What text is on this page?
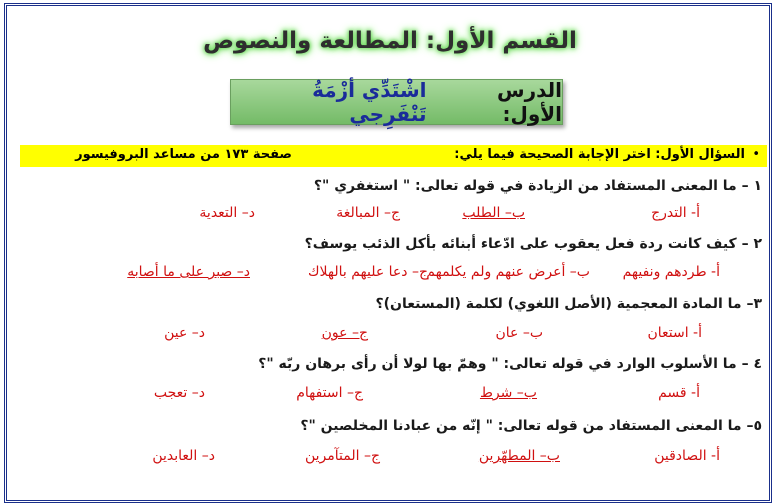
القسم الأول: المطالعة والنصوص
الدرس الأول:
اشْتَدِّي أزْمَةُ تَنْفَرِجي
•
السؤال الأول: اختر الإجابة الصحيحة فيما يلي:
صفحة ١٧٣ من مساعد البروفيسور
١ – ما المعنى المستفاد من الزيادة في قوله تعالى: " استغفري "؟
أ- التدرج
ب– الطلب
ج– المبالغة
د– التعدية
٢ – كيف كانت ردة فعل يعقوب على ادّعاء أبنائه بأكل الذئب يوسف؟
أ- طردهم ونفيهم
ب– أعرض عنهم ولم يكلمهم
ج– دعا عليهم بالهلاك
د– صبر على ما أصابه
٣– ما المادة المعجمية (الأصل اللغوي) لكلمة (المستعان)؟
أ- استعان
ب– عان
ج– عون
د– عين
٤ – ما الأسلوب الوارد في قوله تعالى: " وهمّ بها لولا أن رأى برهان ربّه "؟
أ- قسم
ب– شرط
ج– استفهام
د– تعجب
٥– ما المعنى المستفاد من قوله تعالى: " إنّه من عبادنا المخلصين "؟
أ- الصادقين
ب– المطهّرين
ج– المتآمرين
د– العابدين
